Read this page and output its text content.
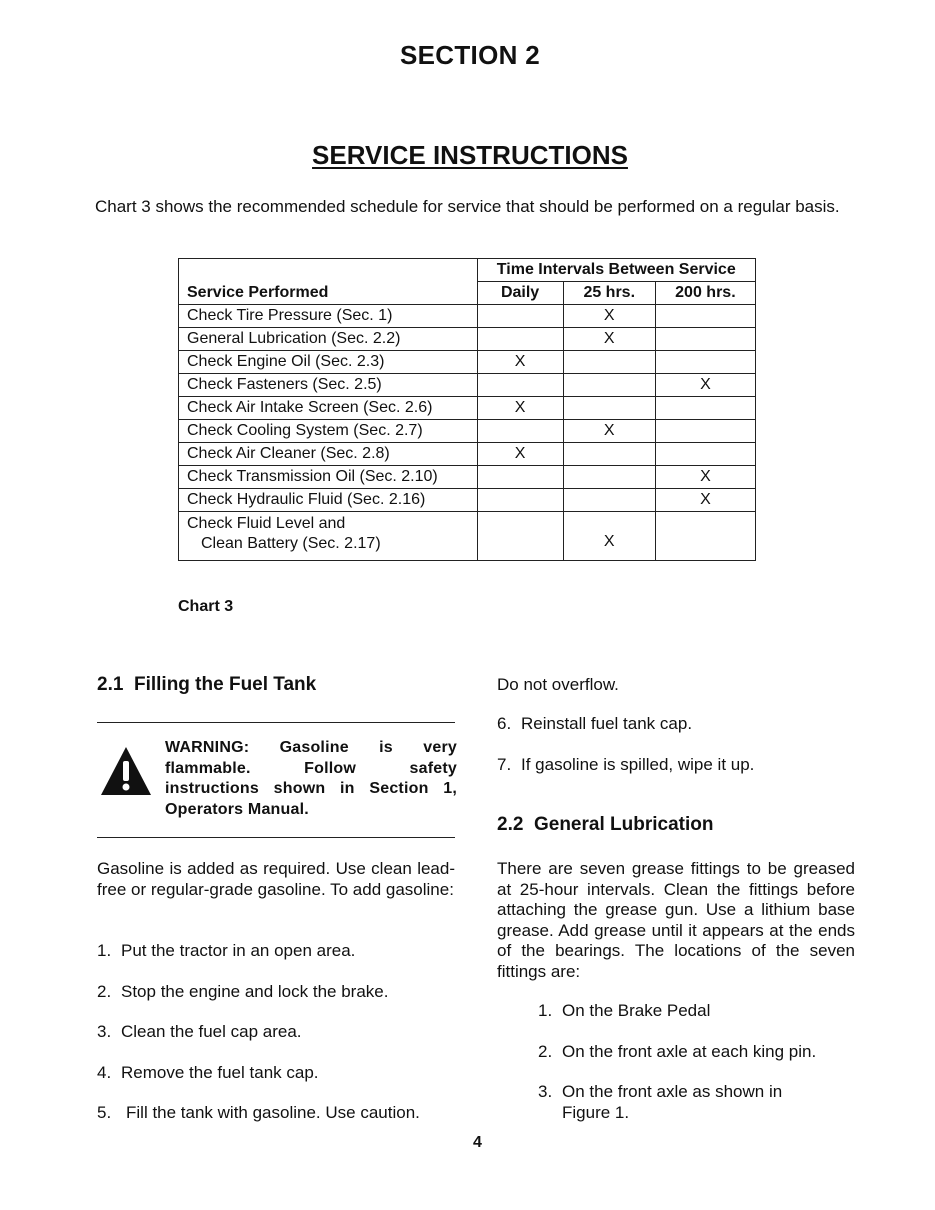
SECTION 2
SERVICE INSTRUCTIONS
Chart 3 shows the recommended schedule for service that should be performed on a regular basis.
	Time Intervals Between Service		
Service Performed	Daily	25 hrs.	200 hrs.
Check Tire Pressure (Sec. 1)		X	
General Lubrication (Sec. 2.2)		X	
Check Engine Oil (Sec. 2.3)	X		
Check Fasteners (Sec. 2.5)			X
Check Air Intake Screen (Sec. 2.6)	X		
Check Cooling System (Sec. 2.7)		X	
Check Air Cleaner (Sec. 2.8)	X		
Check Transmission Oil (Sec. 2.10)			X
Check Hydraulic Fluid (Sec. 2.16)			X

Check Fluid Level and
Clean Battery (Sec. 2.17)		X	
Chart 3
2.1  Filling the Fuel Tank
WARNING: Gasoline is very flammable. Follow safety instructions shown in Section 1, Operators Manual.
Gasoline is added as required. Use clean lead-free or regular-grade gasoline. To add gasoline:
1. Put the tractor in an open area.
2. Stop the engine and lock the brake.
3. Clean the fuel cap area.
4. Remove the fuel tank cap.
5. Fill the tank with gasoline. Use caution.
Do not overflow.
6. Reinstall fuel tank cap.
7. If gasoline is spilled, wipe it up.
2.2  General Lubrication
There are seven grease fittings to be greased at 25-hour intervals. Clean the fittings before attaching the grease gun. Use a lithium base grease. Add grease until it appears at the ends of the bearings. The locations of the seven fittings are:
1. On the Brake Pedal
2. On the front axle at each king pin.
3. On the front axle as shown in Figure 1.
4
